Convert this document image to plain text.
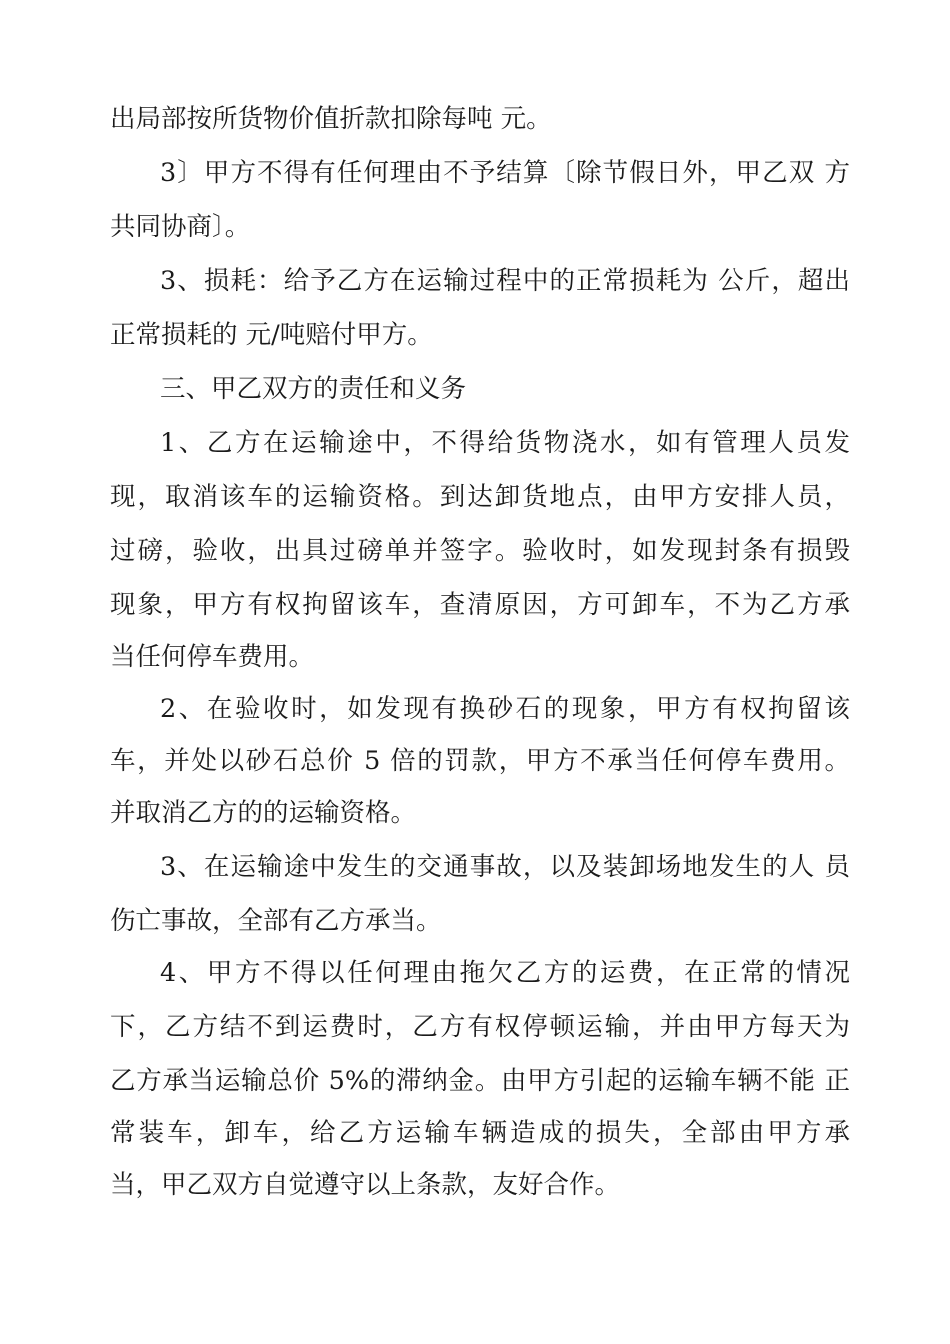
出局部按所货物价值折款扣除每吨 元。
3〕甲方不得有任何理由不予结算〔除节假日外，甲乙双 方
共同协商〕。
3、损耗：给予乙方在运输过程中的正常损耗为 公斤，超出
正常损耗的 元/吨赔付甲方。
三、甲乙双方的责任和义务
1、乙方在运输途中，不得给货物浇水，如有管理人员发
现，取消该车的运输资格。到达卸货地点，由甲方安排人员，
过磅，验收，出具过磅单并签字。验收时，如发现封条有损毁
现象，甲方有权拘留该车，查清原因，方可卸车，不为乙方承
当任何停车费用。
2、在验收时，如发现有换砂石的现象，甲方有权拘留该
车，并处以砂石总价 5 倍的罚款，甲方不承当任何停车费用。
并取消乙方的的运输资格。
3、在运输途中发生的交通事故，以及装卸场地发生的人 员
伤亡事故，全部有乙方承当。
4、甲方不得以任何理由拖欠乙方的运费，在正常的情况
下，乙方结不到运费时，乙方有权停顿运输，并由甲方每天为
乙方承当运输总价 5%的滞纳金。由甲方引起的运输车辆不能 正
常装车，卸车，给乙方运输车辆造成的损失，全部由甲方承
当，甲乙双方自觉遵守以上条款，友好合作。
